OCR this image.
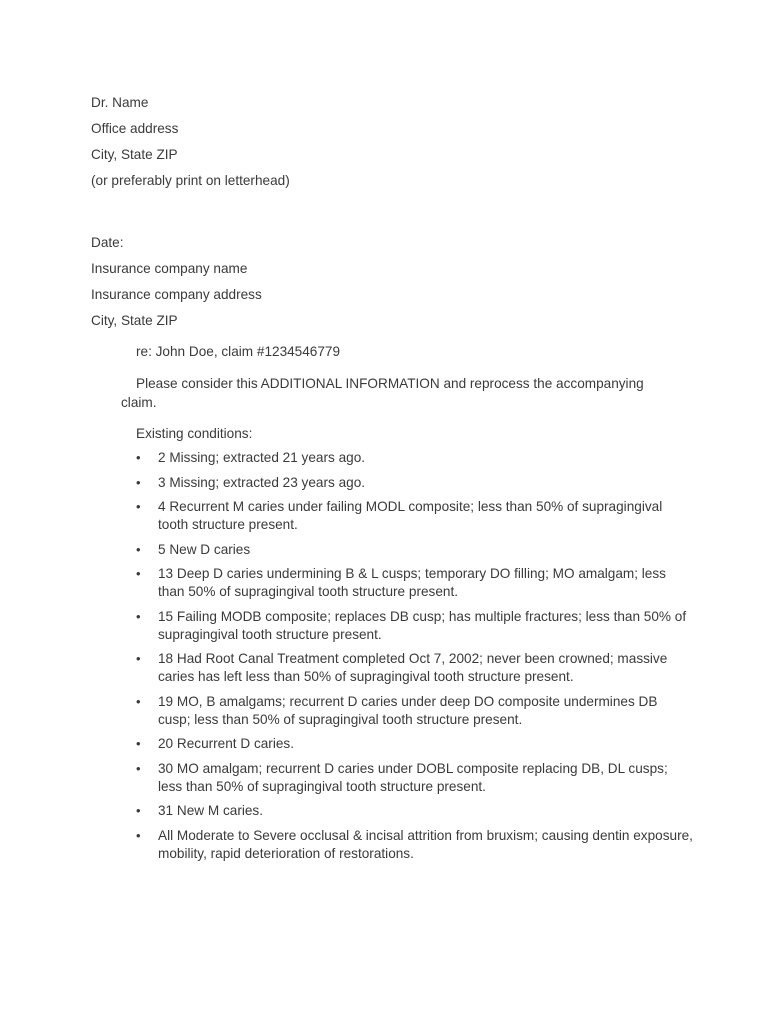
Dr. Name
Office address
City, State ZIP
(or preferably print on letterhead)
Date:
Insurance company name
Insurance company address
City, State ZIP
re: John Doe, claim #1234546779
Please consider this ADDITIONAL INFORMATION and reprocess the accompanying claim.
Existing conditions:
• 2 Missing; extracted 21 years ago.
• 3 Missing; extracted 23 years ago.
• 4 Recurrent M caries under failing MODL composite; less than 50% of supragingival tooth structure present.
• 5 New D caries
• 13 Deep D caries undermining B & L cusps; temporary DO filling; MO amalgam; less than 50% of supragingival tooth structure present.
• 15 Failing MODB composite; replaces DB cusp; has multiple fractures; less than 50% of supragingival tooth structure present.
• 18 Had Root Canal Treatment completed Oct 7, 2002; never been crowned; massive caries has left less than 50% of supragingival tooth structure present.
• 19 MO, B amalgams; recurrent D caries under deep DO composite undermines DB cusp; less than 50% of supragingival tooth structure present.
• 20 Recurrent D caries.
• 30 MO amalgam; recurrent D caries under DOBL composite replacing DB, DL cusps; less than 50% of supragingival tooth structure present.
• 31 New M caries.
• All Moderate to Severe occlusal & incisal attrition from bruxism; causing dentin exposure, mobility, rapid deterioration of restorations.
